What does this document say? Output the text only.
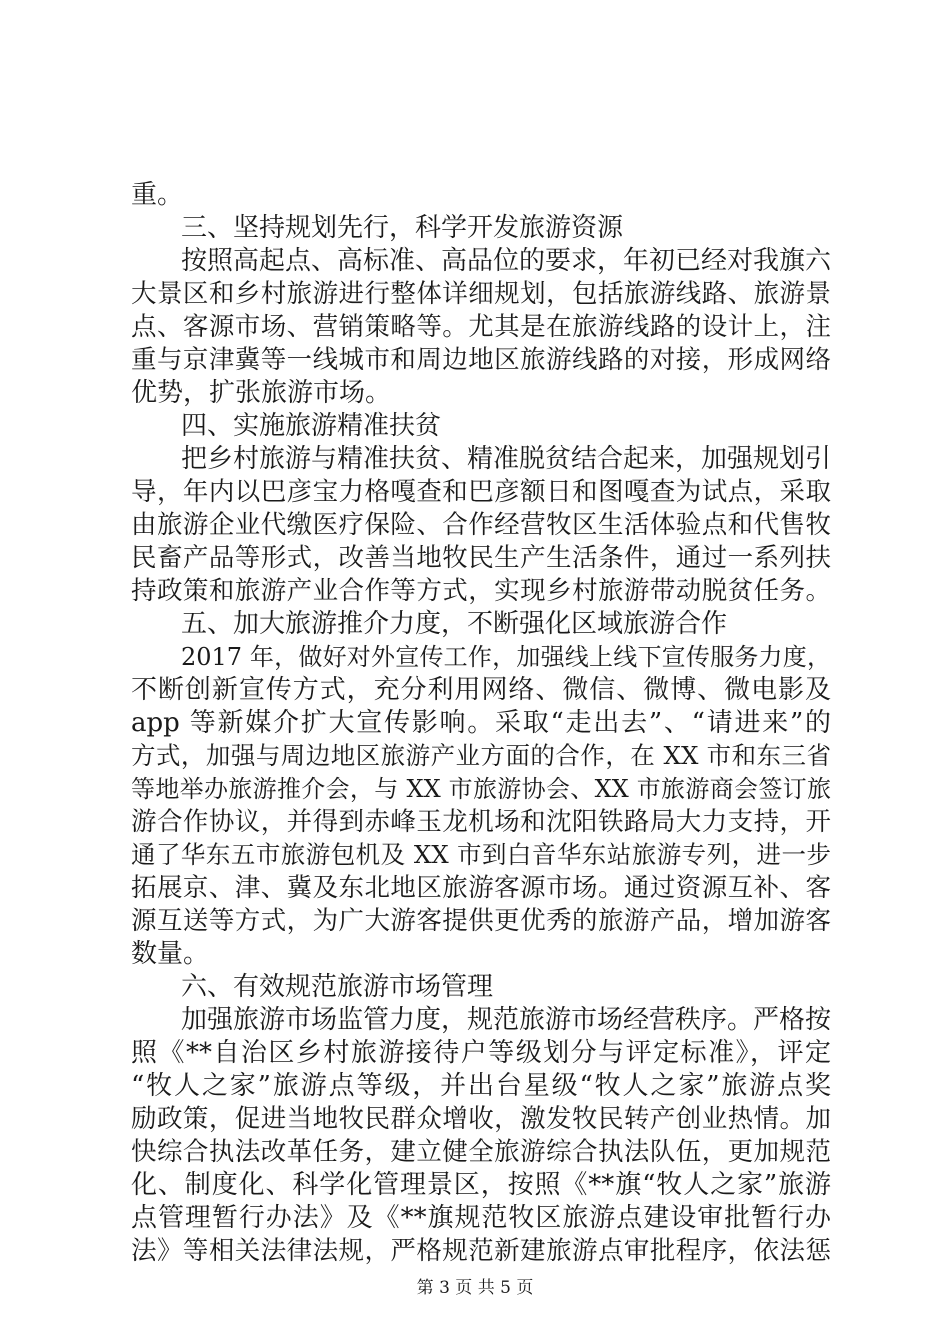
重。
三、坚持规划先行，科学开发旅游资源
按照高起点、高标准、高品位的要求，年初已经对我旗六
大景区和乡村旅游进行整体详细规划，包括旅游线路、旅游景
点、客源市场、营销策略等。尤其是在旅游线路的设计上，注
重与京津冀等一线城市和周边地区旅游线路的对接，形成网络
优势，扩张旅游市场。
四、实施旅游精准扶贫
把乡村旅游与精准扶贫、精准脱贫结合起来，加强规划引
导，年内以巴彦宝力格嘎查和巴彦额日和图嘎查为试点，采取
由旅游企业代缴医疗保险、合作经营牧区生活体验点和代售牧
民畜产品等形式，改善当地牧民生产生活条件，通过一系列扶
持政策和旅游产业合作等方式，实现乡村旅游带动脱贫任务。
五、加大旅游推介力度，不断强化区域旅游合作
2017 年，做好对外宣传工作，加强线上线下宣传服务力度，
不断创新宣传方式，充分利用网络、微信、微博、微电影及
app 等新媒介扩大宣传影响。采取“走出去”、“请进来”的
方式，加强与周边地区旅游产业方面的合作，在 XX 市和东三省
等地举办旅游推介会，与 XX 市旅游协会、XX 市旅游商会签订旅
游合作协议，并得到赤峰玉龙机场和沈阳铁路局大力支持，开
通了华东五市旅游包机及 XX 市到白音华东站旅游专列，进一步
拓展京、津、冀及东北地区旅游客源市场。通过资源互补、客
源互送等方式，为广大游客提供更优秀的旅游产品，增加游客
数量。
六、有效规范旅游市场管理
加强旅游市场监管力度，规范旅游市场经营秩序。严格按
照《**自治区乡村旅游接待户等级划分与评定标准》，评定
“牧人之家”旅游点等级，并出台星级“牧人之家”旅游点奖
励政策，促进当地牧民群众增收，激发牧民转产创业热情。加
快综合执法改革任务，建立健全旅游综合执法队伍，更加规范
化、制度化、科学化管理景区，按照《**旗“牧人之家”旅游
点管理暂行办法》及《**旗规范牧区旅游点建设审批暂行办
法》等相关法律法规，严格规范新建旅游点审批程序，依法惩
第 3 页 共 5 页
